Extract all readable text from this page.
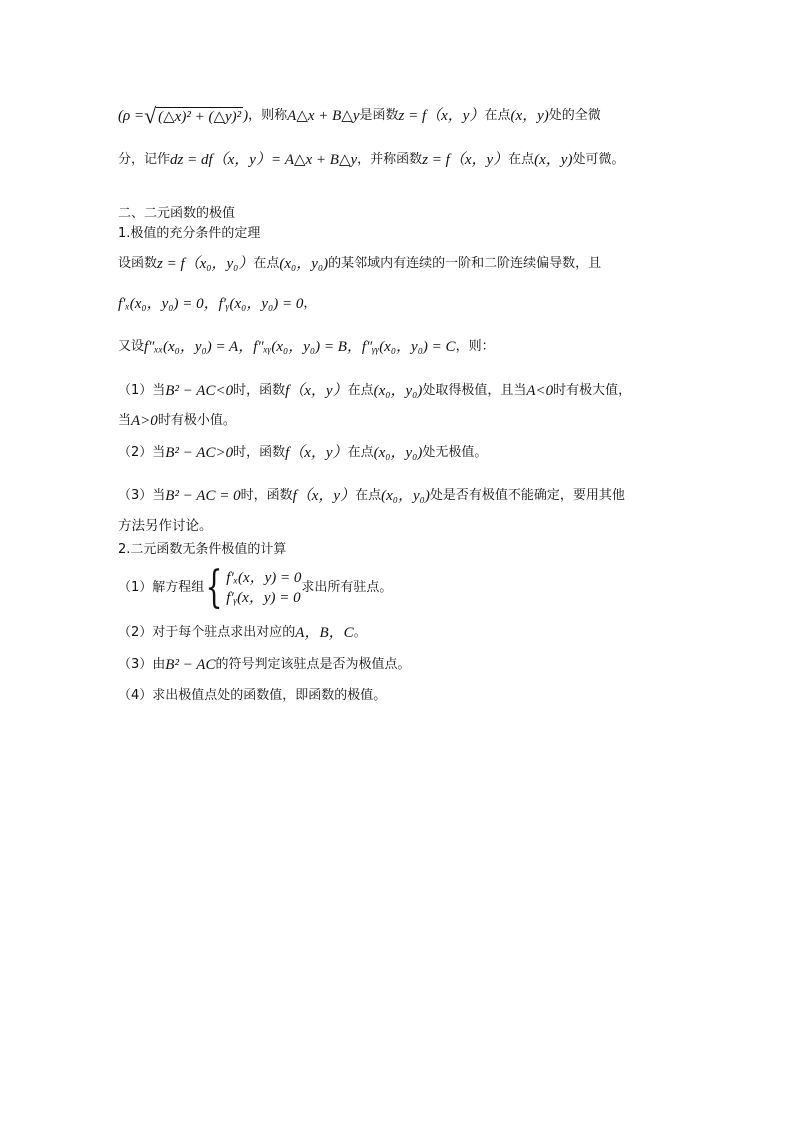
(ρ = √ (△x)² + (△y)² ) ，则称 A△x + B△y 是函数 z = f（x，y） 在点 (x，y) 处的全微
分，记作 dz = df（x，y）= A△x + B△y ，并称函数 z = f（x，y） 在点 (x，y) 处可微。
二、二元函数的极值
1.极值的充分条件的定理
设函数 z = f（x₀，y₀） 在点 (x₀，y₀) 的某邻域内有连续的一阶和二阶连续偏导数，且
f′ₓ(x₀，y₀) = 0，f′ᵧ(x₀，y₀) = 0 ，
又设 f″ₓₓ(x₀，y₀) = A，f″ₓᵧ(x₀，y₀) = B，f″ᵧᵧ(x₀，y₀) = C ，则：
（1）当 B² − AC<0 时，函数 f（x，y） 在点 (x₀，y₀) 处取得极值，且当 A<0 时有极大值，
当 A>0 时有极小值。
（2）当 B² − AC>0 时，函数 f（x，y） 在点 (x₀，y₀) 处无极值。
（3）当 B² − AC = 0 时，函数 f（x，y） 在点 (x₀，y₀) 处是否有极值不能确定，要用其他
方法另作讨论。
2.二元函数无条件极值的计算
（1）解方程组 { f′ₓ(x，y) = 0
f′ᵧ(x，y) = 0
求出所有驻点。
（2）对于每个驻点求出对应的 A，B，C 。
（3）由 B² − AC 的符号判定该驻点是否为极值点。
（4）求出极值点处的函数值，即函数的极值。
